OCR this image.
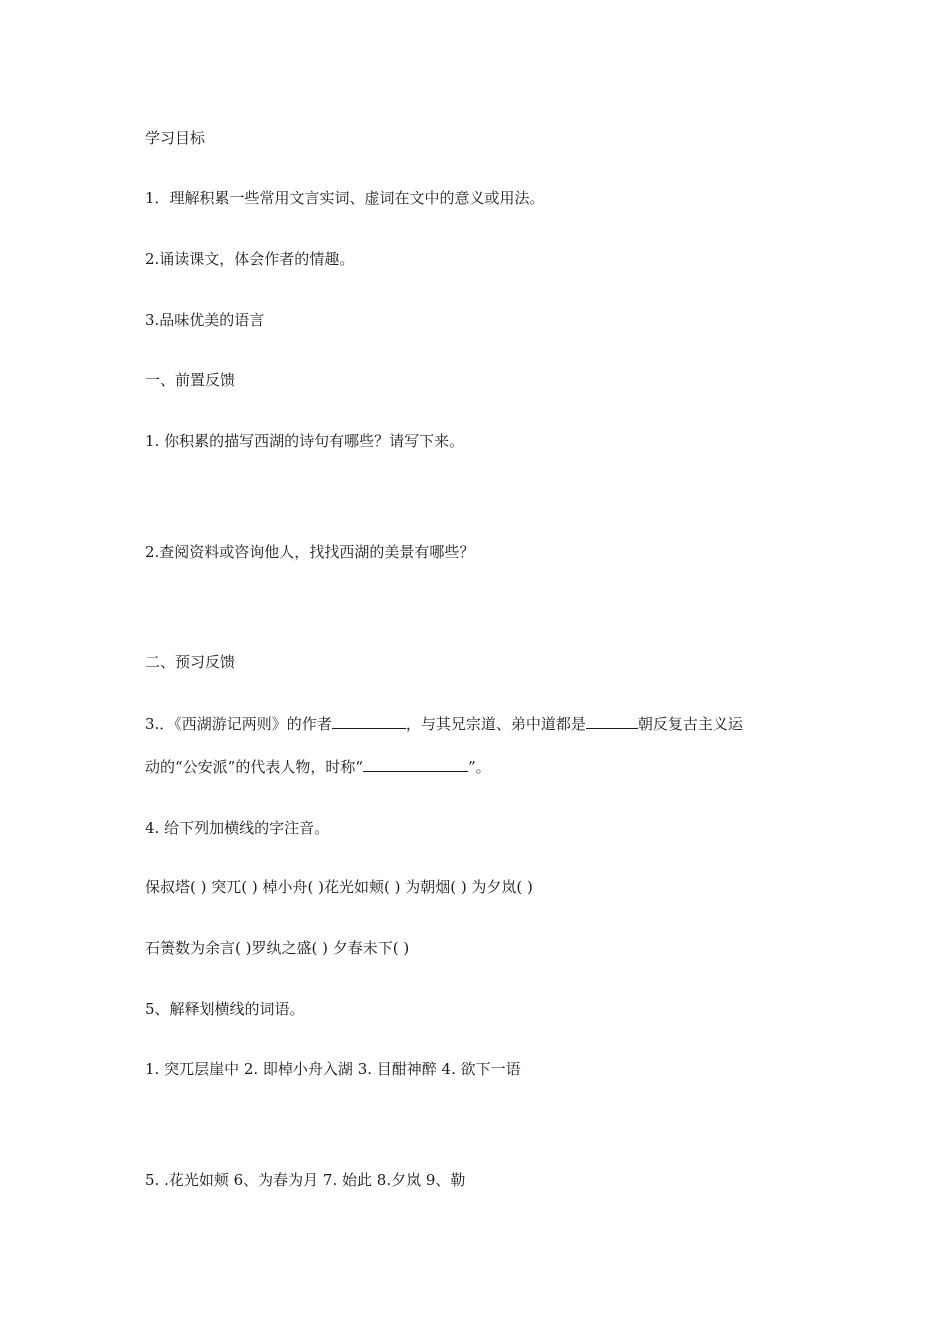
学习目标
1．理解积累一些常用文言实词、虚词在文中的意义或用法。
2.诵读课文，体会作者的情趣。
3.品味优美的语言
一、前置反馈
1. 你积累的描写西湖的诗句有哪些？请写下来。
2.查阅资料或咨询他人，找找西湖的美景有哪些？
二、预习反馈
3.．《西湖游记两则》的作者	，与其兄宗道、弟中道都是	朝反复古主义运
动的“公安派”的代表人物，时称“	”。
4. 给下列加横线的字注音。
保叔塔( ) 突兀( ) 棹小舟( )花光如颊( ) 为朝烟( ) 为夕岚( )
石箦数为余言( )罗纨之盛( ) 夕春未下( )
5、解释划横线的词语。
1. 突兀层崖中 2. 即棹小舟入湖 3. 目酣神醉 4. 欲下一语
5. .花光如颊 6、为春为月 7. 始此 8.夕岚 9、勒
